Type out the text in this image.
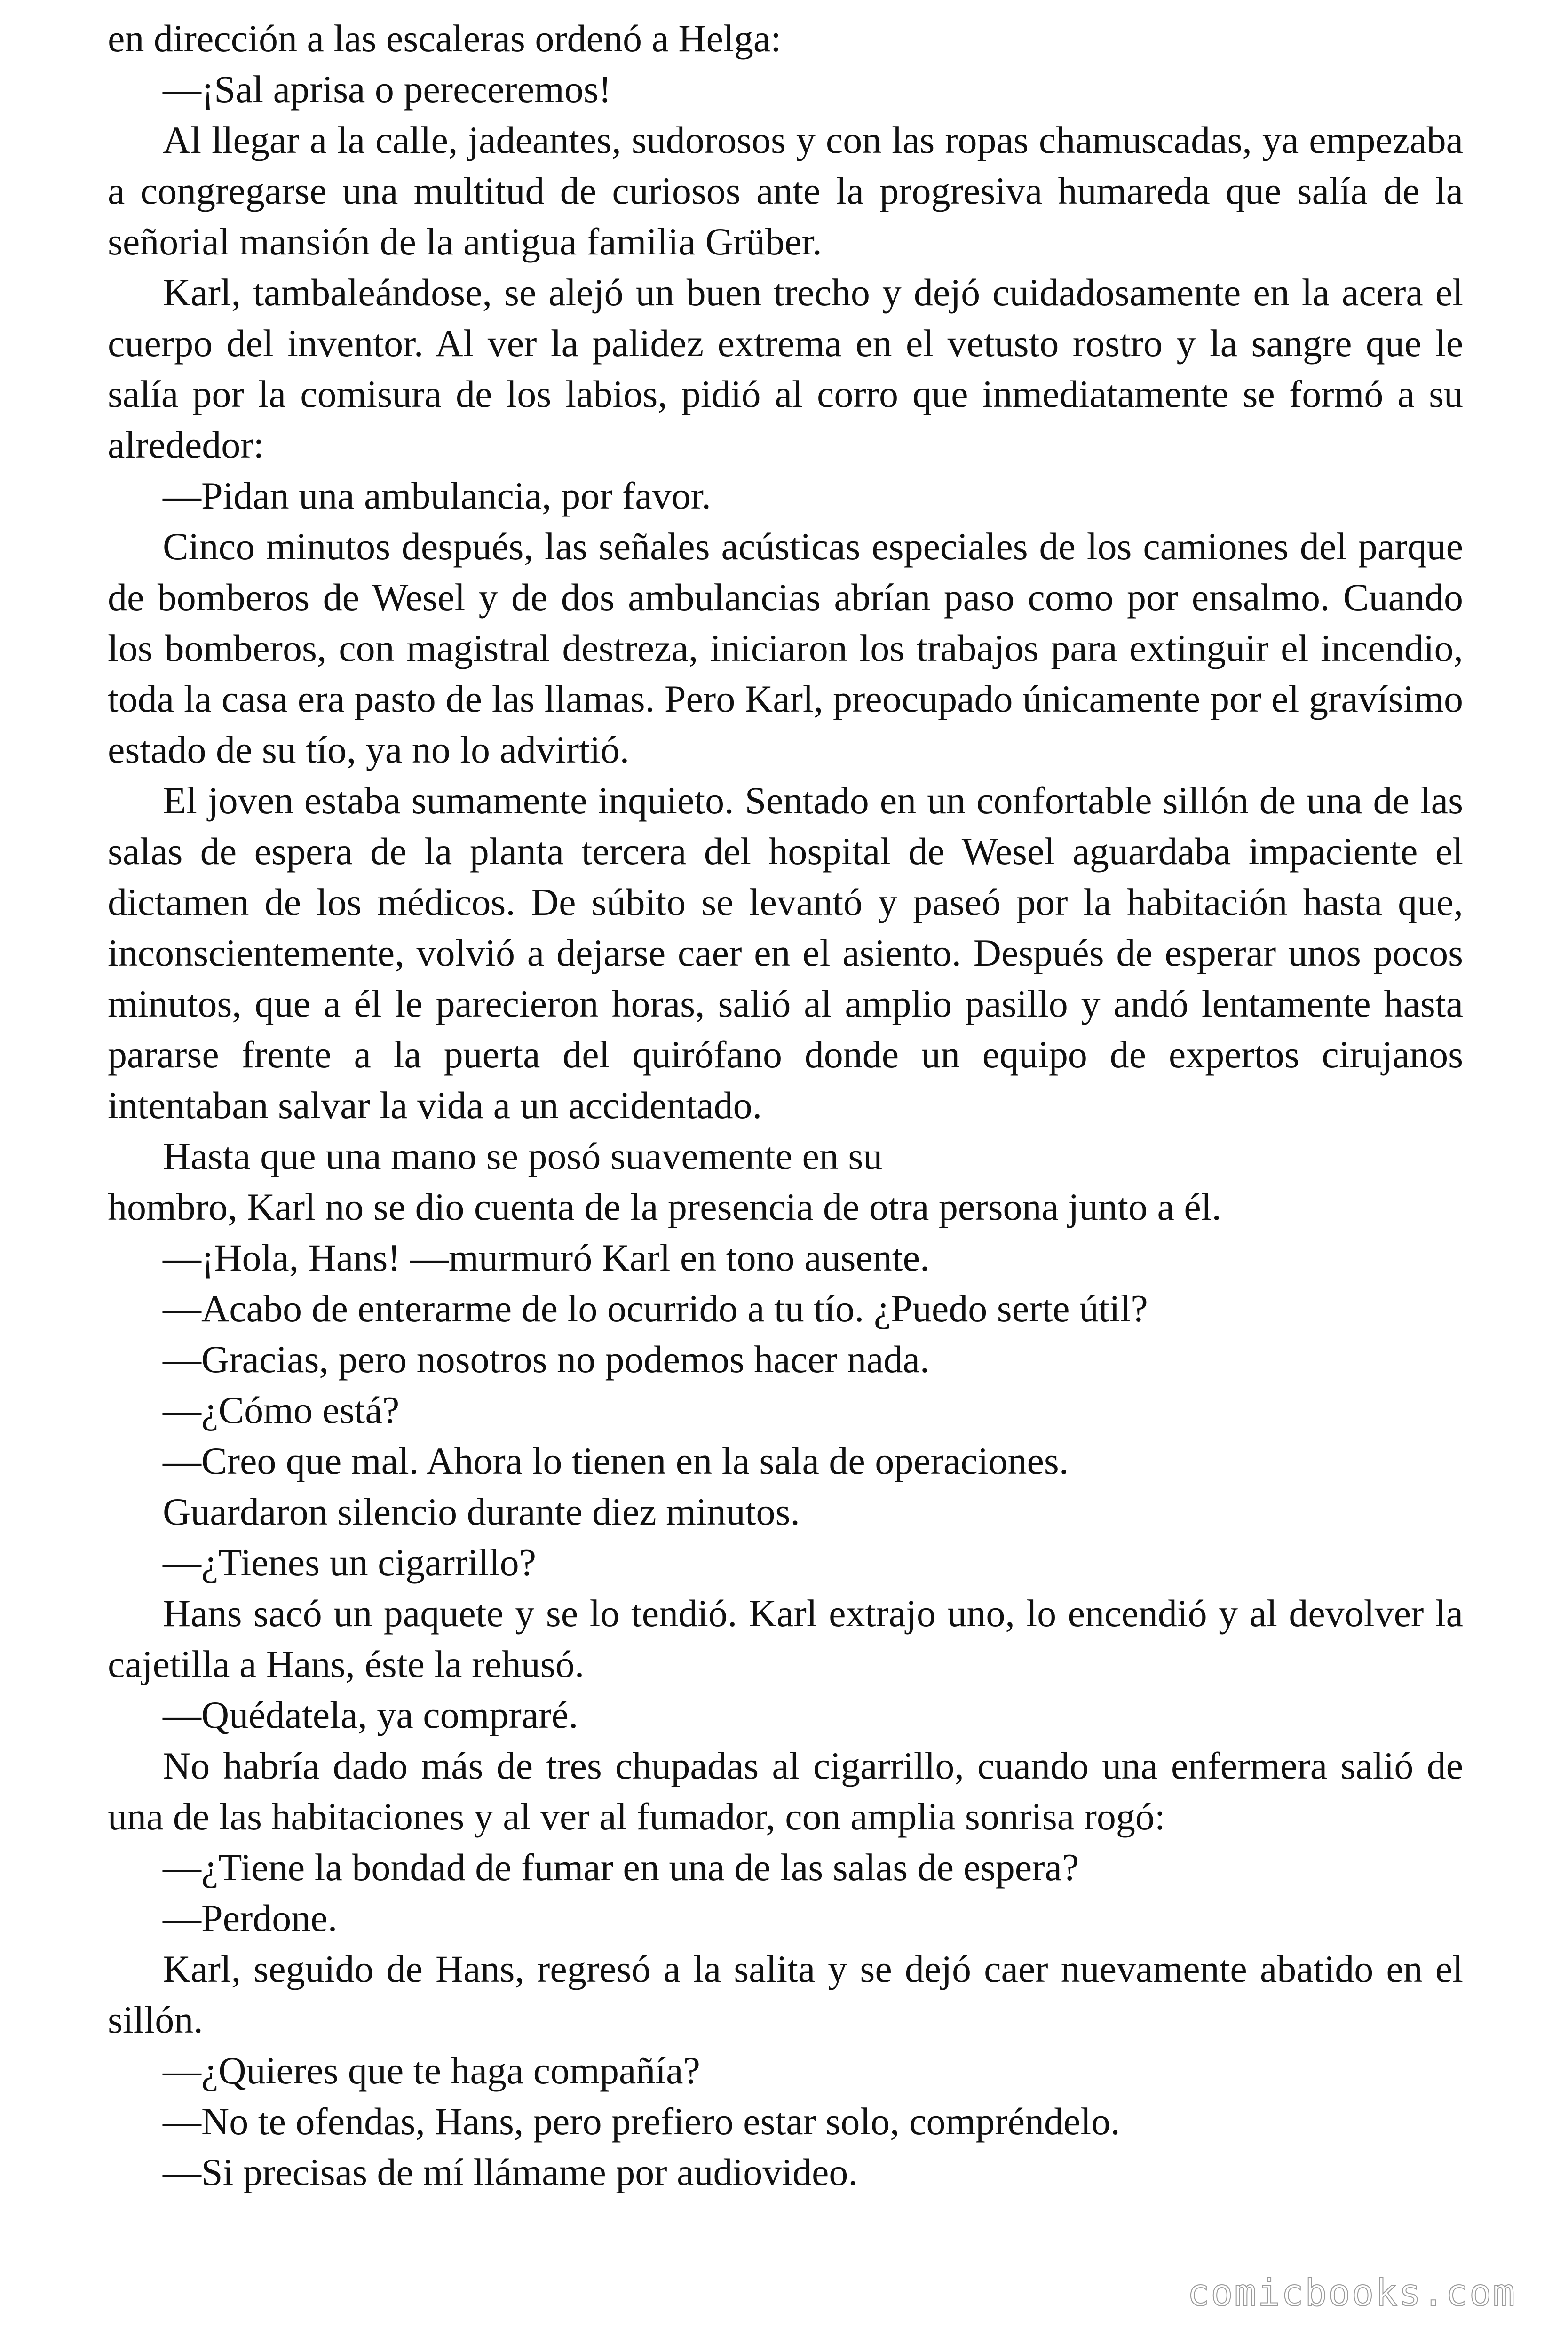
en dirección a las escaleras ordenó a Helga:

—¡Sal aprisa o pereceremos!

Al llegar a la calle, jadeantes, sudorosos y con las ropas chamuscadas, ya empezaba a congregarse una multitud de curiosos ante la progresiva humareda que salía de la señorial mansión de la antigua familia Grüber.

Karl, tambaleándose, se alejó un buen trecho y dejó cuidadosamente en la acera el cuerpo del inventor. Al ver la palidez extrema en el vetusto rostro y la sangre que le salía por la comisura de los labios, pidió al corro que inmediatamente se formó a su alrededor:

—Pidan una ambulancia, por favor.

Cinco minutos después, las señales acústicas especiales de los camiones del parque de bomberos de Wesel y de dos ambulancias abrían paso como por ensalmo. Cuando los bomberos, con magistral destreza, iniciaron los trabajos para extinguir el incendio, toda la casa era pasto de las llamas. Pero Karl, preocupado únicamente por el gravísimo estado de su tío, ya no lo advirtió.

El joven estaba sumamente inquieto. Sentado en un confortable sillón de una de las salas de espera de la planta tercera del hospital de Wesel aguardaba impaciente el dictamen de los médicos. De súbito se levantó y paseó por la habitación hasta que, inconscientemente, volvió a dejarse caer en el asiento. Después de esperar unos pocos minutos, que a él le parecieron horas, salió al amplio pasillo y andó lentamente hasta pararse frente a la puerta del quirófano donde un equipo de expertos cirujanos intentaban salvar la vida a un accidentado.

Hasta que una mano se posó suavemente en su

hombro, Karl no se dio cuenta de la presencia de otra persona junto a él.

—¡Hola, Hans! —murmuró Karl en tono ausente.

—Acabo de enterarme de lo ocurrido a tu tío. ¿Puedo serte útil?

—Gracias, pero nosotros no podemos hacer nada.

—¿Cómo está?

—Creo que mal. Ahora lo tienen en la sala de operaciones.

Guardaron silencio durante diez minutos.

—¿Tienes un cigarrillo?

Hans sacó un paquete y se lo tendió. Karl extrajo uno, lo encendió y al devolver la cajetilla a Hans, éste la rehusó.

—Quédatela, ya compraré.

No habría dado más de tres chupadas al cigarrillo, cuando una enfermera salió de una de las habitaciones y al ver al fumador, con amplia sonrisa rogó:

—¿Tiene la bondad de fumar en una de las salas de espera?

—Perdone.

Karl, seguido de Hans, regresó a la salita y se dejó caer nuevamente abatido en el sillón.

—¿Quieres que te haga compañía?

—No te ofendas, Hans, pero prefiero estar solo, compréndelo.

—Si precisas de mí llámame por audiovideo.

comicbooks.com
